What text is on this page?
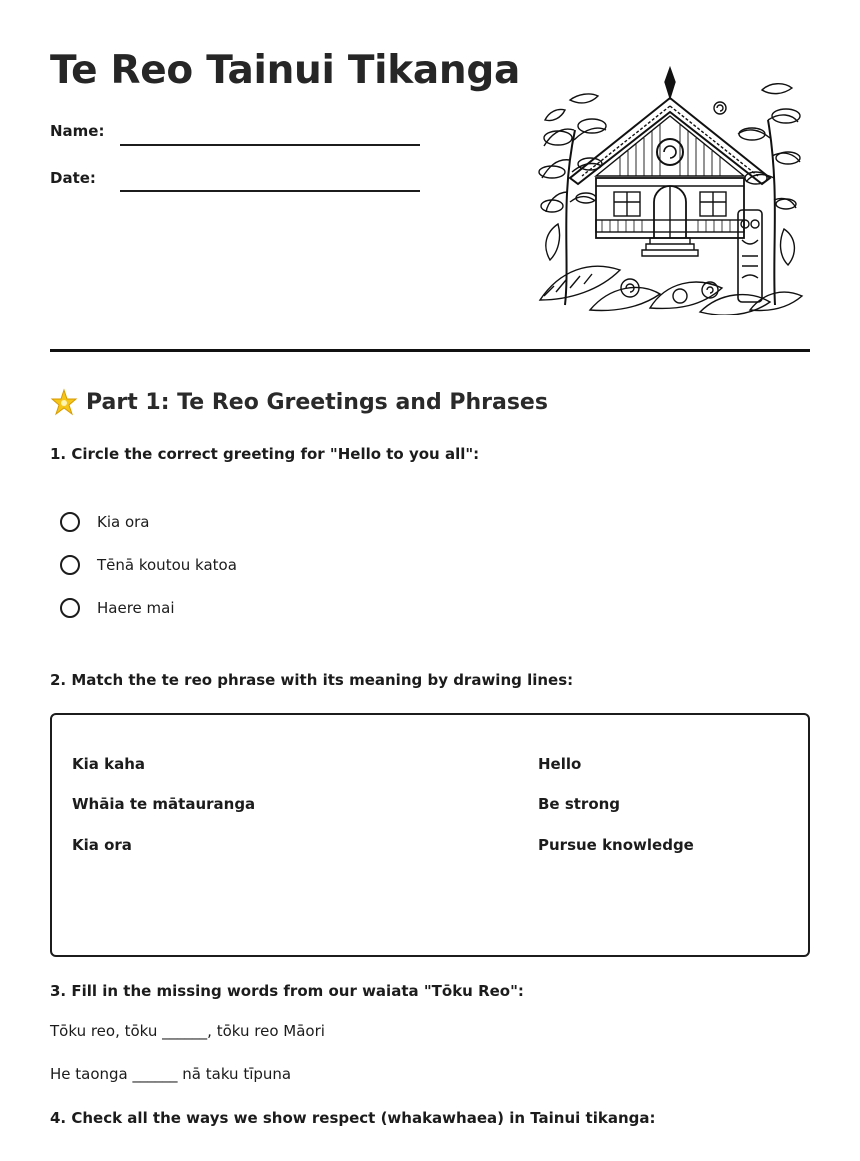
Te Reo Tainui Tikanga
Name:
Date:
Part 1: Te Reo Greetings and Phrases
1. Circle the correct greeting for "Hello to you all":
Kia ora
Tēnā koutou katoa
Haere mai
2. Match the te reo phrase with its meaning by drawing lines:
Kia kaha
Whāia te mātauranga
Kia ora
Hello
Be strong
Pursue knowledge
3. Fill in the missing words from our waiata "Tōku Reo":
Tōku reo, tōku ______, tōku reo Māori
He taonga ______ nā taku tīpuna
4. Check all the ways we show respect (whakawhaea) in Tainui tikanga:
